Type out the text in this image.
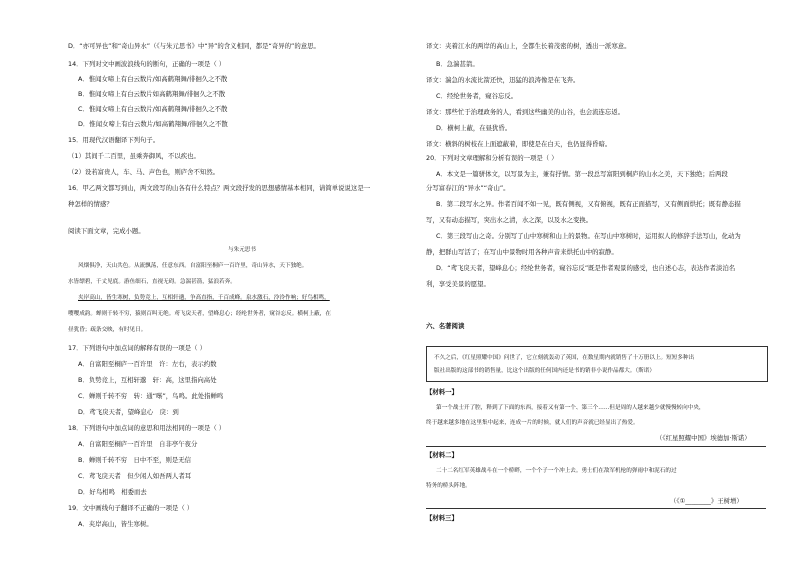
D．“亦可异也”和“奇山异水”（《与朱元思书》中“异”的含义相同，都是“奇异的”的意思。
14．下列对文中画波浪线句的断句，正确的一项是（ ）
A．惟闻女啼上有白云数片/如高鹤翔舞/徘徊久之不散
B．惟闻女啼上有白云数片如高鹤翔舞/徘徊久之不散
C．惟闻女啼上有白云数片/如高鹤翔舞/徘徊久之不散
D．惟闻女啼上有白云数片/如高鹤翔舞/徘徊久之不散
15．用现代汉语翻译下列句子。
（1）其间千二百里，虽乘奔御风，不以疾也。
（2）设若富贵人，车、马、声色也，则庐舍不知然。
16．甲乙两文都写到山，两文段写的山各有什么特点？两文段抒发的思想感情基本相同，请简单说说这是一
种怎样的情感？
阅读下面文章，完成小题。
与朱元思书
风烟俱净，天山共色。从流飘荡，任意东西。自富阳至桐庐一百许里，奇山异水，天下独绝。
水皆缥碧，千丈见底。游鱼细石，直视无碍。急湍甚箭，猛浪若奔。
夹岸高山，皆生寒树，负势竞上，互相轩邈，争高直指，千百成峰。泉水激石，泠泠作响；好鸟相鸣，
嘤嘤成韵。蝉则千转不穷，猿则百叫无绝。鸢飞戾天者，望峰息心；经纶世务者，窥谷忘反。横柯上蔽，在
昼犹昏；疏条交映，有时见日。
17．下列语句中加点词的解释有误的一项是（ ）
A．自富阳至桐庐一百许里　许：左右，表示约数
B．负势竞上，互相轩邈　轩：高，这里指向高处
C．蝉则千转不穷　转：通“啭”，鸟鸣。此处指蝉鸣
D．鸢飞戾天者，望峰息心　戾：到
18．下列语句中加点词的意思和用法相同的一项是（ ）
A．自富阳至桐庐一百许里　自非亭午夜分
B．蝉则千转不穷　日中不至，则是无信
C．鸢飞戾天者　但少闲人如吾两人者耳
D．好鸟相鸣　相委而去
19．文中画线句子翻译不正确的一项是（ ）
A．夹岸高山，皆生寒树。
译文：夹着江水的两岸的高山上，全都生长着茂密的树，透出一派寒意。
B．急湍甚箭。
译文：湍急的水流比箭还快，迅猛的浪涛像是在飞奔。
C．经纶世务者，窥谷忘反。
译文：那些忙于治理政务的人，看到这些幽美的山谷，也会流连忘返。
D．横柯上蔽，在昼犹昏。
译文：横斜的树枝在上面遮蔽着，即使是在白天，也仍显得昏暗。
20．下列对文章理解和分析有误的一项是（ ）
A．本文是一篇骈体文，以写景为主，兼有抒情。第一段总写富阳到桐庐的山水之美，天下独绝；后两段
分写富春江的“异水”“奇山”。
B．第二段写水之异。作者百闻不如一见，既有侧视，又有俯视，既有正面描写，又有侧面烘托；既有静态描
写，又有动态描写，突出水之清，水之深，以及水之变换。
C．第三段写山之奇。分别写了山中寒树和山上的景物。在写山中寒树时，运用拟人的修辞手法写山，化动为
静，把群山写活了；在写山中景物时用各种声音来烘托山中的寂静。
D．“鸢飞戾天者，望峰息心；经纶世务者，窥谷忘反”既是作者观景的感受，也自述心志，表达作者淡泊名
利，享受美景的愿望。
六、名著阅读
不久之后，《红星照耀中国》问世了，它立刻就轰动了英国，在数星期内就销售了十万册以上。短短多种出
版社出版的这部书的销售量，比这个出版的任何国内还是书的销非小说作品都大。（斯诺）
【材料一】
第一个战士开了腔，释到了下面的东西，接着又有第一个、第三个……但是周的人越来越少就慢慢转向中央，
终于越来越多地在这里集中起来，连成一片的时候，就人们的声音就已经显出了热爱。
（《红星照耀中国》埃德加·斯诺）
【材料二】
二十二名红军英雄战斗在一个桥畔，一个个子一个冲上去。勇士们在敌军机枪的弹雨中和泥石的过
特务的桥头阵地。
（《①________》王树增）
【材料三】
